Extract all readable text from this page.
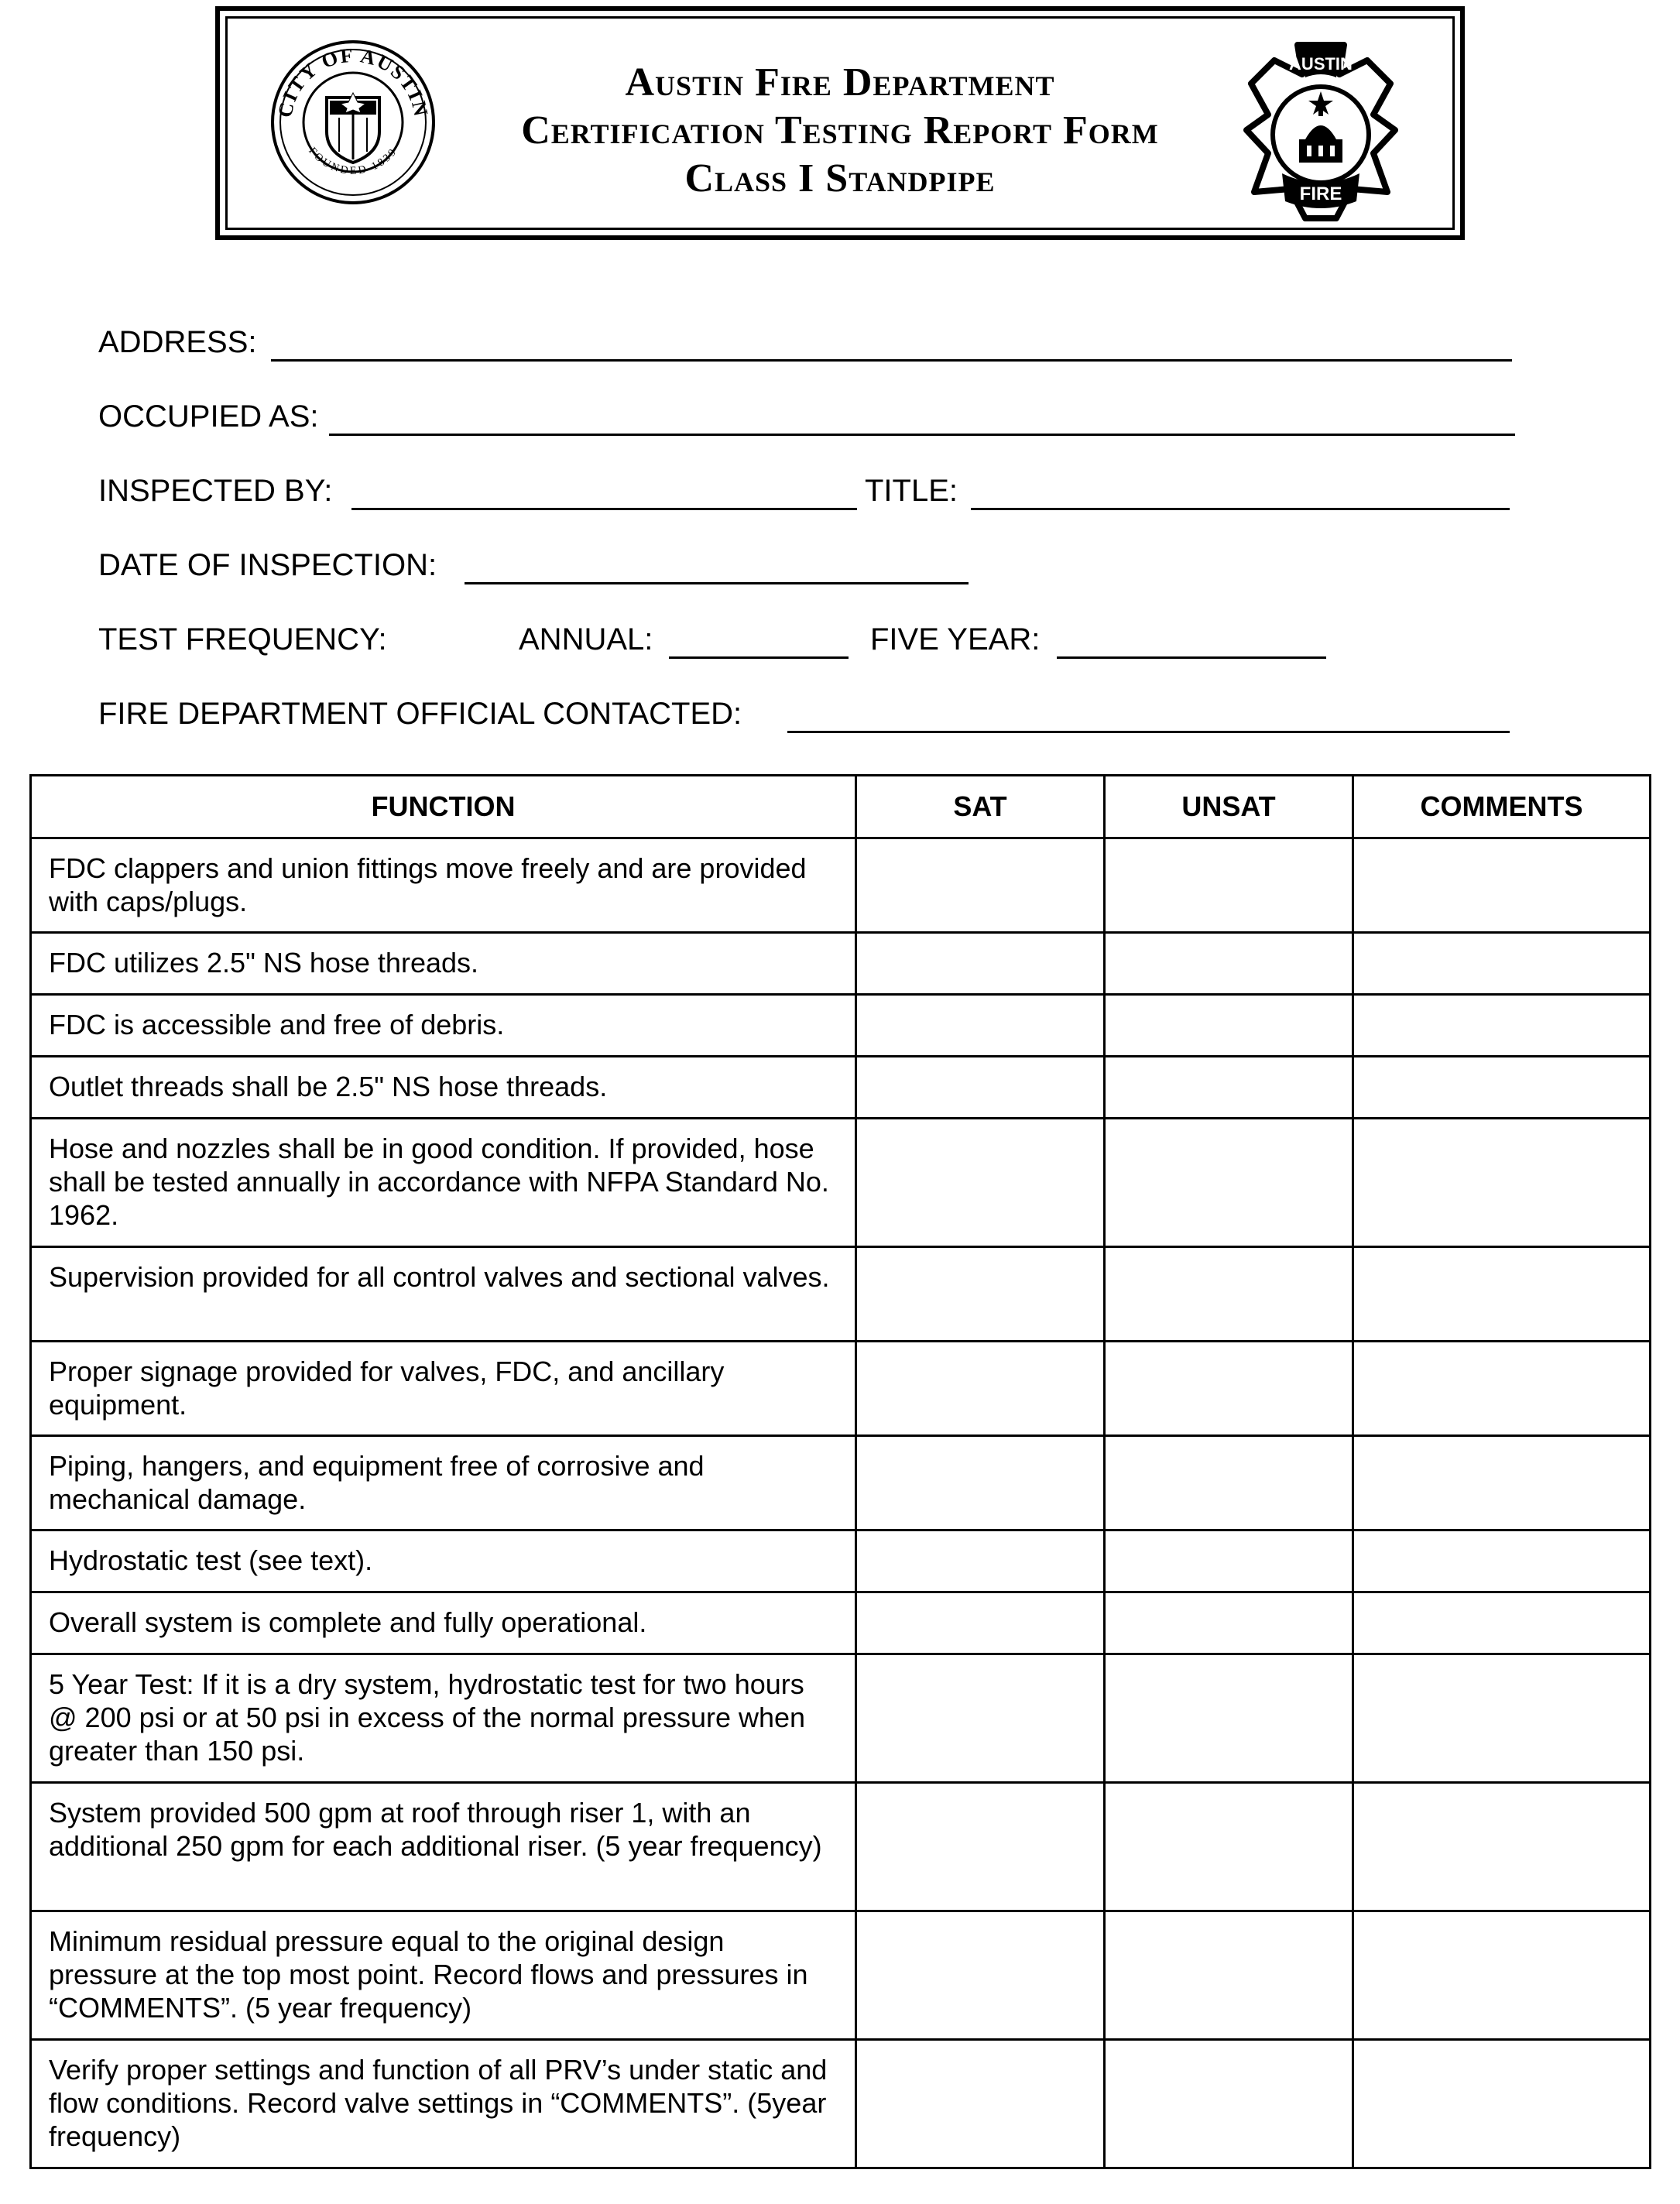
CITY OF AUSTIN
FOUNDED 1839
Austin Fire Department
Certification Testing Report Form
Class I Standpipe
AUSTIN
FIRE
ADDRESS:
OCCUPIED AS:
INSPECTED BY:	TITLE:
DATE OF INSPECTION:
TEST FREQUENCY:	ANNUAL:	FIVE YEAR:
FIRE DEPARTMENT OFFICIAL CONTACTED:
FUNCTION	SAT	UNSAT	COMMENTS
FDC clappers and union fittings move freely and are provided with caps/plugs.			
FDC utilizes 2.5" NS hose threads.			
FDC is accessible and free of debris.			
Outlet threads shall be 2.5" NS hose threads.			
Hose and nozzles shall be in good condition. If provided, hose shall be tested annually in accordance with NFPA Standard No. 1962.			
Supervision provided for all control valves and sectional valves.			
Proper signage provided for valves, FDC, and ancillary equipment.			
Piping, hangers, and equipment free of corrosive and mechanical damage.			
Hydrostatic test (see text).			
Overall system is complete and fully operational.			
5 Year Test: If it is a dry system, hydrostatic test for two hours @ 200 psi or at 50 psi in excess of the normal pressure when greater than 150 psi.			
System provided 500 gpm at roof through riser 1, with an additional 250 gpm for each additional riser. (5 year frequency)			
Minimum residual pressure equal to the original design pressure at the top most point. Record flows and pressures in “COMMENTS”. (5 year frequency)			
Verify proper settings and function of all PRV’s under static and flow conditions. Record valve settings in “COMMENTS”. (5year frequency)			
